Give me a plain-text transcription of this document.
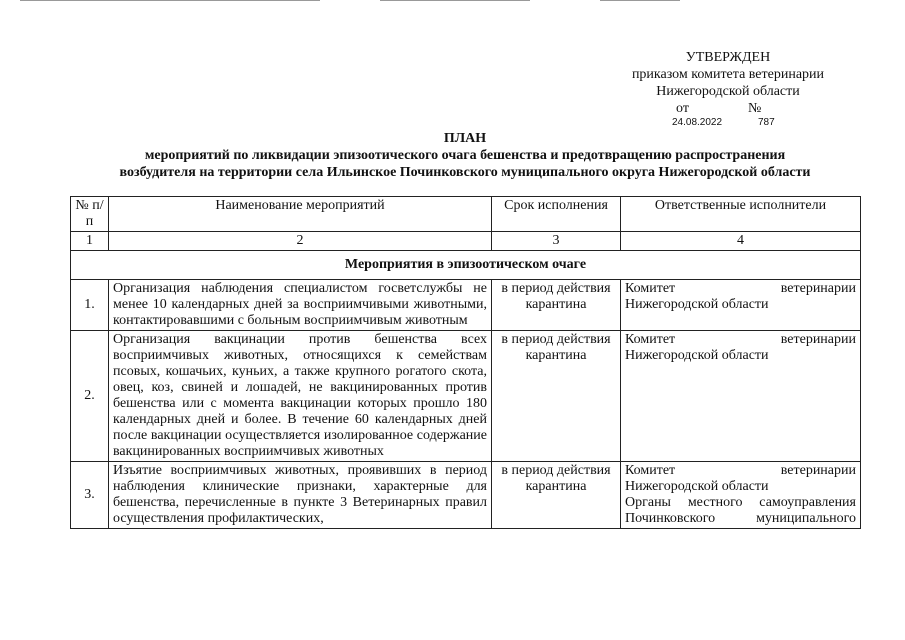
УТВЕРЖДЕН
приказом комитета ветеринарии
Нижегородской области
от	№
24.08.2022	787
ПЛАН
мероприятий по ликвидации эпизоотического очага бешенства и предотвращению распространения
возбудителя на территории села Ильинское Починковского муниципального округа Нижегородской области
№ п/п	Наименование мероприятий	Срок исполнения	Ответственные исполнители
1	2	3	4
Мероприятия в эпизоотическом очаге			
1.	Организация наблюдения специалистом госветслужбы не менее 10 календарных дней за восприимчивыми животными, контактировавшими с больным восприимчивым животным	в период действия карантина	Комитет ветеринарии
Нижегородской области

2.	Организация вакцинации против бешенства всех восприимчивых животных, относящихся к семействам псовых, кошачьих, куньих, а также крупного рогатого скота, овец, коз, свиней и лошадей, не вакцинированных против бешенства или с момента вакцинации которых прошло 180 календарных дней и более. В течение 60 календарных дней после вакцинации осуществляется изолированное содержание вакцинированных восприимчивых животных	в период действия карантина	Комитет ветеринарии
Нижегородской области

3.	Изъятие восприимчивых животных, проявивших в период наблюдения клинические признаки, характерные для бешенства, перечисленные в пункте 3 Ветеринарных правил осуществления профилактических,	в период действия карантина	Комитет ветеринарии
Нижегородской области
Органы местного самоуправления
Починковского муниципального
